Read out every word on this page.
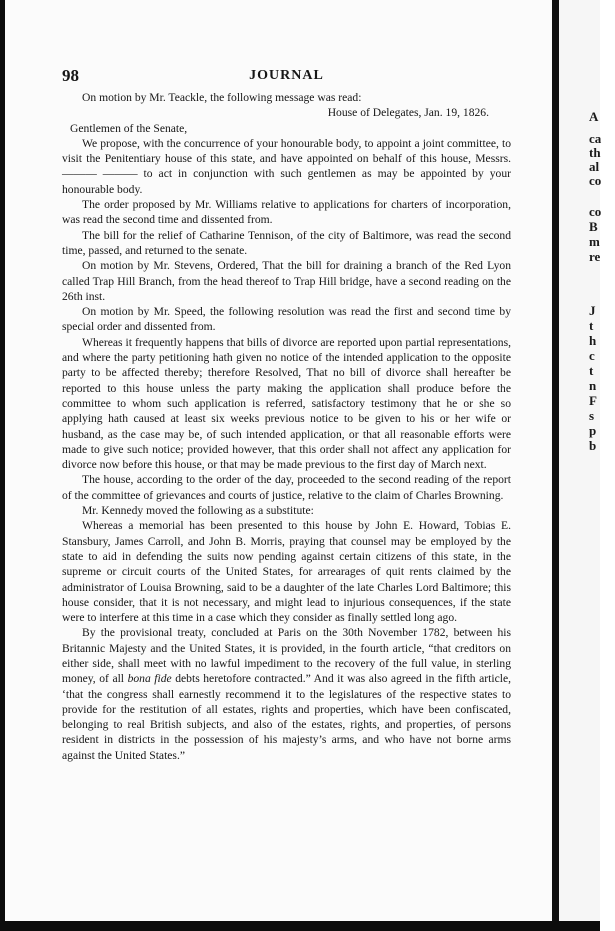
A
ca
th
al
co
co
B
m
re
J
t
h
c
t
n
F
s
p
b
98	JOURNAL

On motion by Mr. Teackle, the following message was read:

House of Delegates, Jan. 19, 1826.

Gentlemen of the Senate,

We propose, with the concurrence of your honourable body, to appoint a joint committee, to visit the Penitentiary house of this state, and have appointed on behalf of this house, Messrs. ——— ——— to act in conjunction with such gentlemen as may be appointed by your honourable body.

The order proposed by Mr. Williams relative to applications for charters of incorporation, was read the second time and dissented from.

The bill for the relief of Catharine Tennison, of the city of Baltimore, was read the second time, passed, and returned to the senate.

On motion by Mr. Stevens, Ordered, That the bill for draining a branch of the Red Lyon called Trap Hill Branch, from the head thereof to Trap Hill bridge, have a second reading on the 26th inst.

On motion by Mr. Speed, the following resolution was read the first and second time by special order and dissented from.

Whereas it frequently happens that bills of divorce are reported upon partial representations, and where the party petitioning hath given no notice of the intended application to the opposite party to be affected thereby; therefore Resolved, That no bill of divorce shall hereafter be reported to this house unless the party making the application shall produce before the committee to whom such application is referred, satisfactory testimony that he or she so applying hath caused at least six weeks previous notice to be given to his or her wife or husband, as the case may be, of such intended application, or that all reasonable efforts were made to give such notice; provided however, that this order shall not affect any application for divorce now before this house, or that may be made previous to the first day of March next.

The house, according to the order of the day, proceeded to the second reading of the report of the committee of grievances and courts of justice, relative to the claim of Charles Browning.

Mr. Kennedy moved the following as a substitute:

Whereas a memorial has been presented to this house by John E. Howard, Tobias E. Stansbury, James Carroll, and John B. Morris, praying that counsel may be employed by the state to aid in defending the suits now pending against certain citizens of this state, in the supreme or circuit courts of the United States, for arrearages of quit rents claimed by the administrator of Louisa Browning, said to be a daughter of the late Charles Lord Baltimore; this house consider, that it is not necessary, and might lead to injurious consequences, if the state were to interfere at this time in a case which they consider as finally settled long ago.

By the provisional treaty, concluded at Paris on the 30th November 1782, between his Britannic Majesty and the United States, it is provided, in the fourth article, “that creditors on either side, shall meet with no lawful impediment to the recovery of the full value, in sterling money, of all bona fide debts heretofore contracted.” And it was also agreed in the fifth article, ‘that the congress shall earnestly recommend it to the legislatures of the respective states to provide for the restitution of all estates, rights and properties, which have been confiscated, belonging to real British subjects, and also of the estates, rights, and properties, of persons resident in districts in the possession of his majesty’s arms, and who have not borne arms against the United States.”
